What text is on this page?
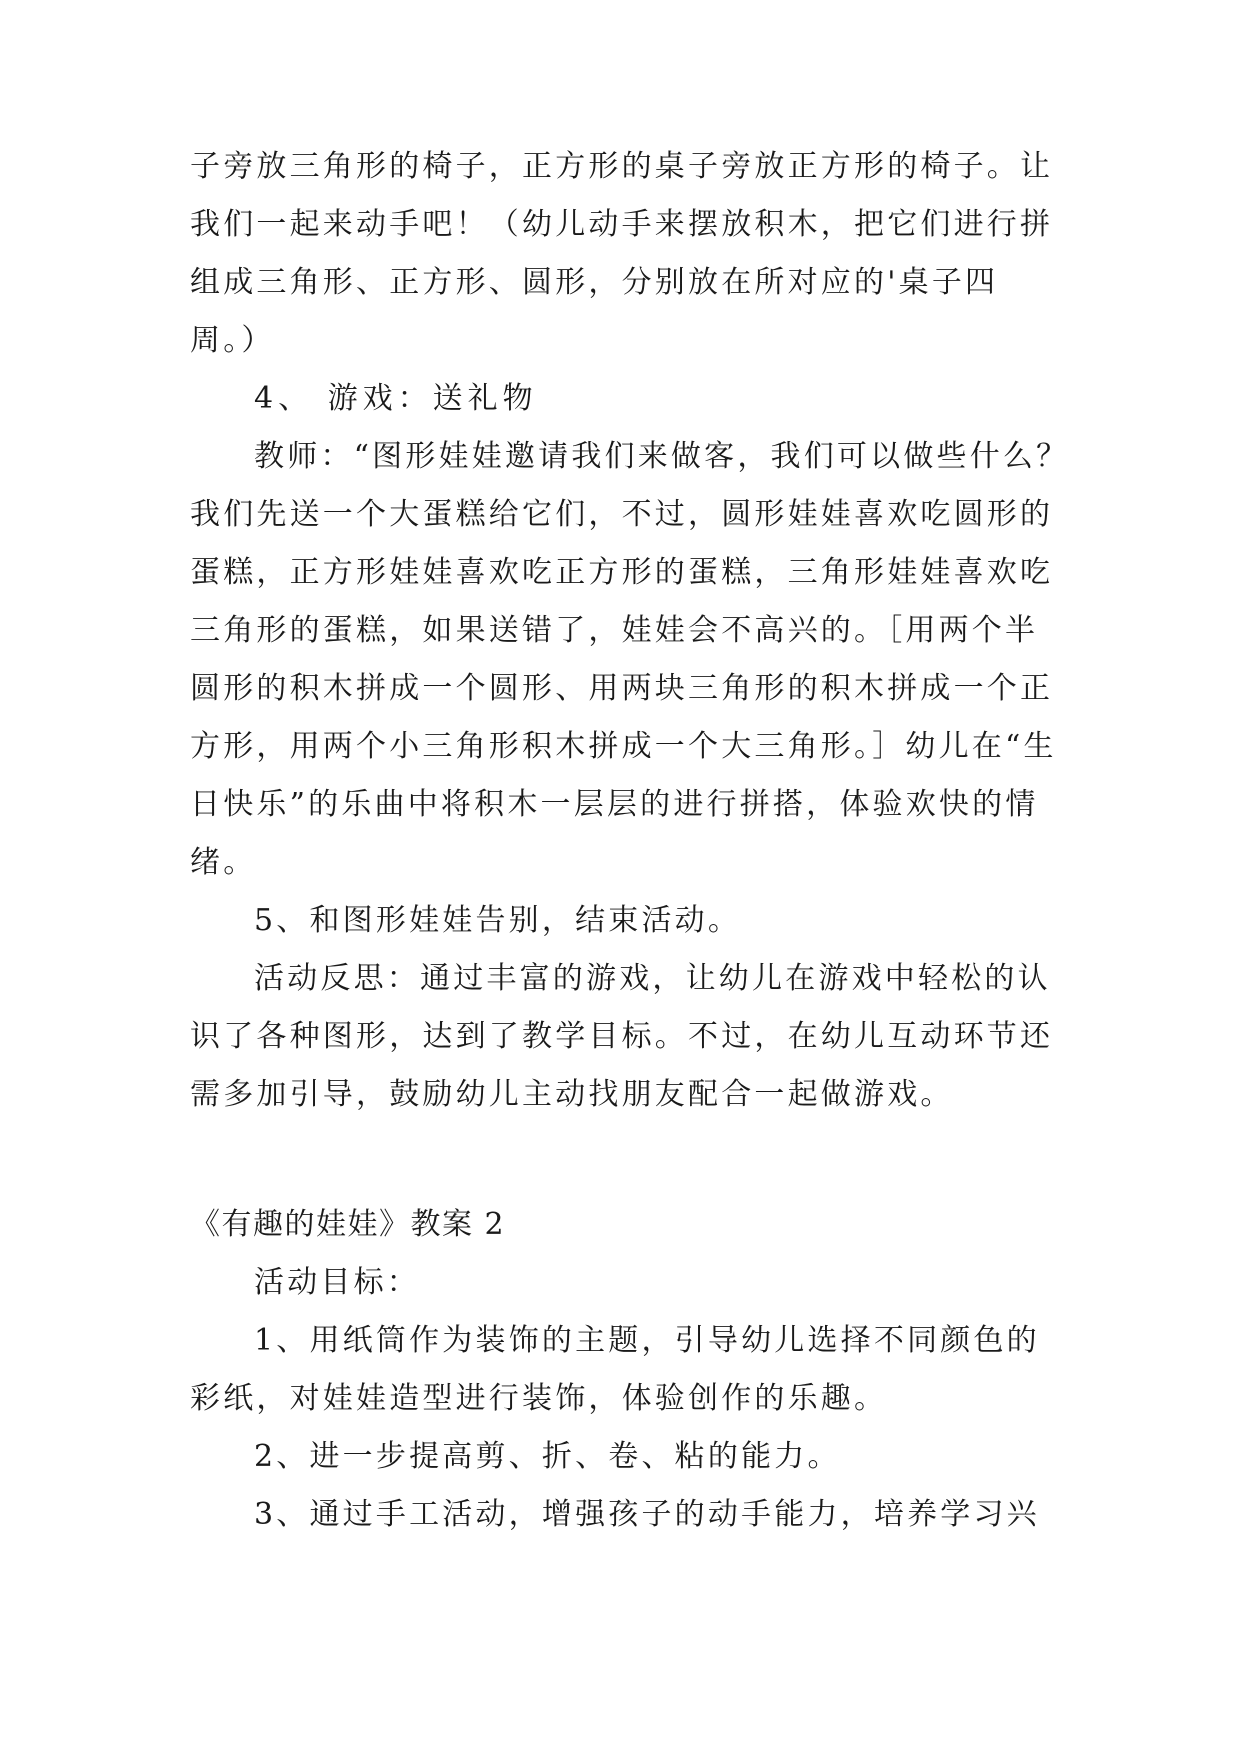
子旁放三角形的椅子，正方形的桌子旁放正方形的椅子。让
我们一起来动手吧！（幼儿动手来摆放积木，把它们进行拼
组成三角形、正方形、圆形，分别放在所对应的'桌子四
周。）
4、 游戏：送礼物
教师：“图形娃娃邀请我们来做客，我们可以做些什么？
我们先送一个大蛋糕给它们，不过，圆形娃娃喜欢吃圆形的
蛋糕，正方形娃娃喜欢吃正方形的蛋糕，三角形娃娃喜欢吃
三角形的蛋糕，如果送错了，娃娃会不高兴的。［用两个半
圆形的积木拼成一个圆形、用两块三角形的积木拼成一个正
方形，用两个小三角形积木拼成一个大三角形。］幼儿在“生
日快乐”的乐曲中将积木一层层的进行拼搭，体验欢快的情
绪。
5、和图形娃娃告别，结束活动。
活动反思：通过丰富的游戏，让幼儿在游戏中轻松的认
识了各种图形，达到了教学目标。不过，在幼儿互动环节还
需多加引导，鼓励幼儿主动找朋友配合一起做游戏。
《有趣的娃娃》教案 2
活动目标：
1、用纸筒作为装饰的主题，引导幼儿选择不同颜色的
彩纸，对娃娃造型进行装饰，体验创作的乐趣。
2、进一步提高剪、折、卷、粘的能力。
3、通过手工活动，增强孩子的动手能力，培养学习兴
